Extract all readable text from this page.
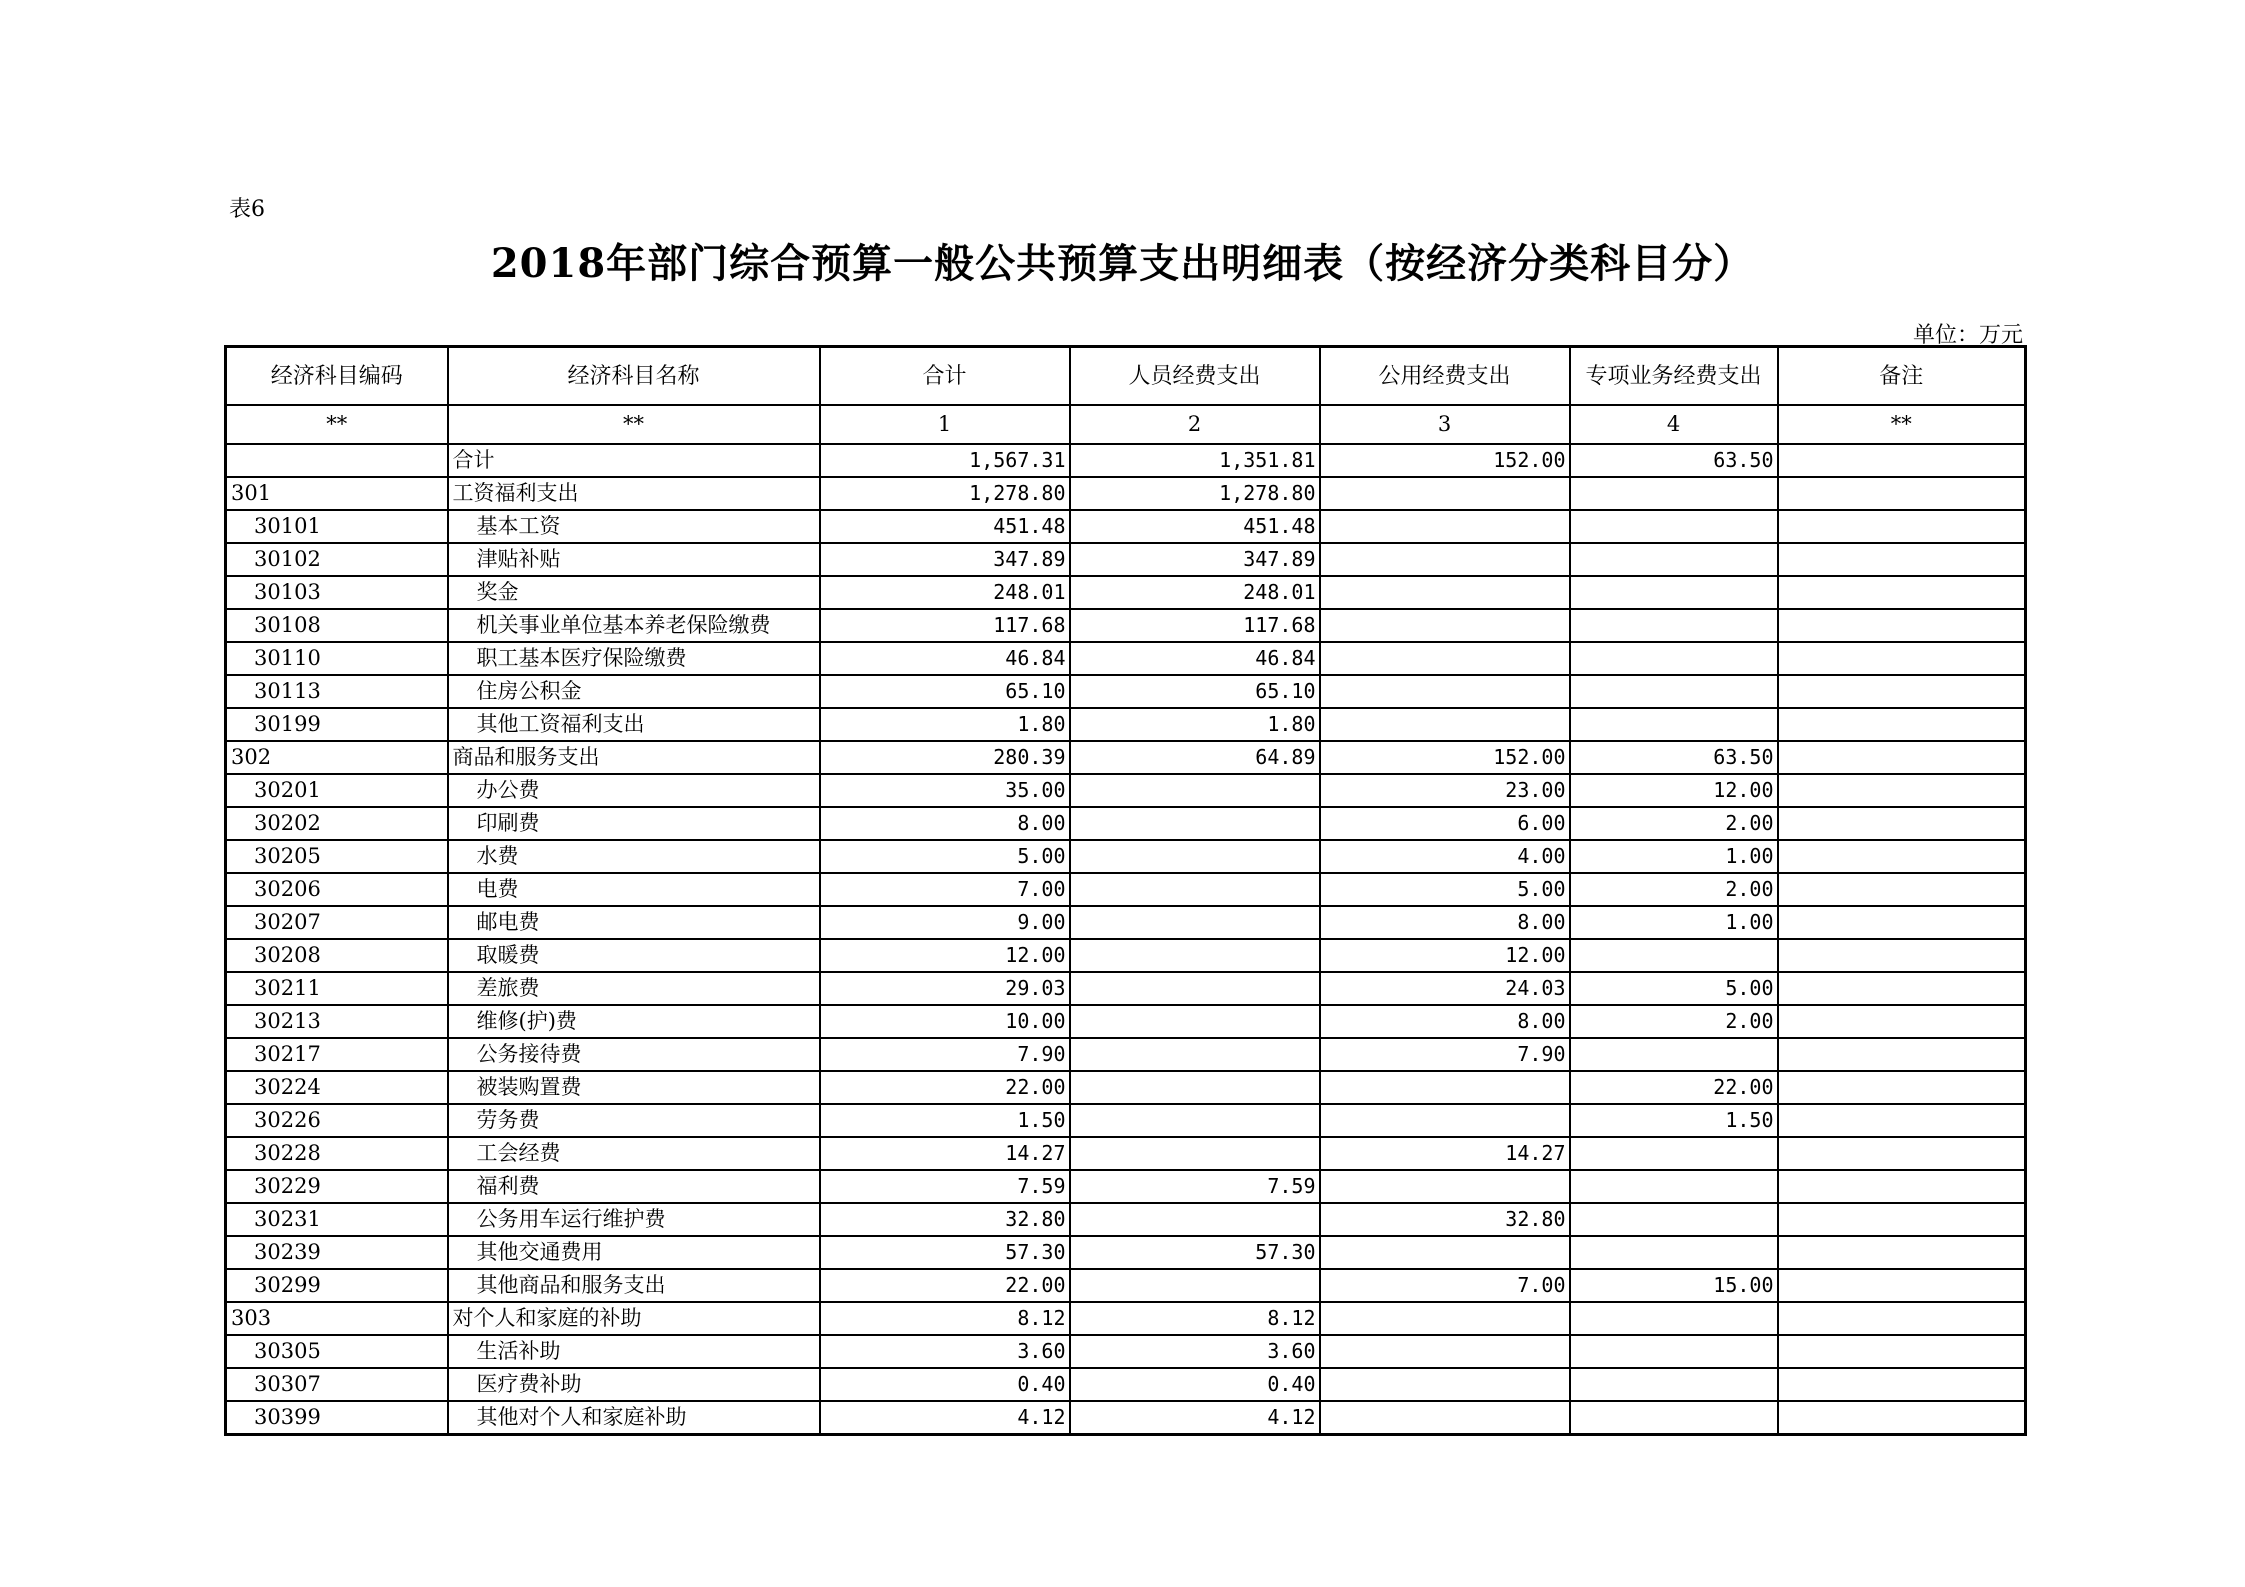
表6
2018年部门综合预算一般公共预算支出明细表（按经济分类科目分）
单位：万元
经济科目编码	经济科目名称	合计	人员经费支出	公用经费支出	专项业务经费支出	备注
**	**	1	2	3	4	**
	合计	1,567.31	1,351.81	152.00	63.50	
301	工资福利支出	1,278.80	1,278.80			
30101	基本工资	451.48	451.48			
30102	津贴补贴	347.89	347.89			
30103	奖金	248.01	248.01			
30108	机关事业单位基本养老保险缴费	117.68	117.68			
30110	职工基本医疗保险缴费	46.84	46.84			
30113	住房公积金	65.10	65.10			
30199	其他工资福利支出	1.80	1.80			
302	商品和服务支出	280.39	64.89	152.00	63.50	
30201	办公费	35.00		23.00	12.00	
30202	印刷费	8.00		6.00	2.00	
30205	水费	5.00		4.00	1.00	
30206	电费	7.00		5.00	2.00	
30207	邮电费	9.00		8.00	1.00	
30208	取暖费	12.00		12.00		
30211	差旅费	29.03		24.03	5.00	
30213	维修(护)费	10.00		8.00	2.00	
30217	公务接待费	7.90		7.90		
30224	被装购置费	22.00			22.00	
30226	劳务费	1.50			1.50	
30228	工会经费	14.27		14.27		
30229	福利费	7.59	7.59			
30231	公务用车运行维护费	32.80		32.80		
30239	其他交通费用	57.30	57.30			
30299	其他商品和服务支出	22.00		7.00	15.00	
303	对个人和家庭的补助	8.12	8.12			
30305	生活补助	3.60	3.60			
30307	医疗费补助	0.40	0.40			
30399	其他对个人和家庭补助	4.12	4.12			
